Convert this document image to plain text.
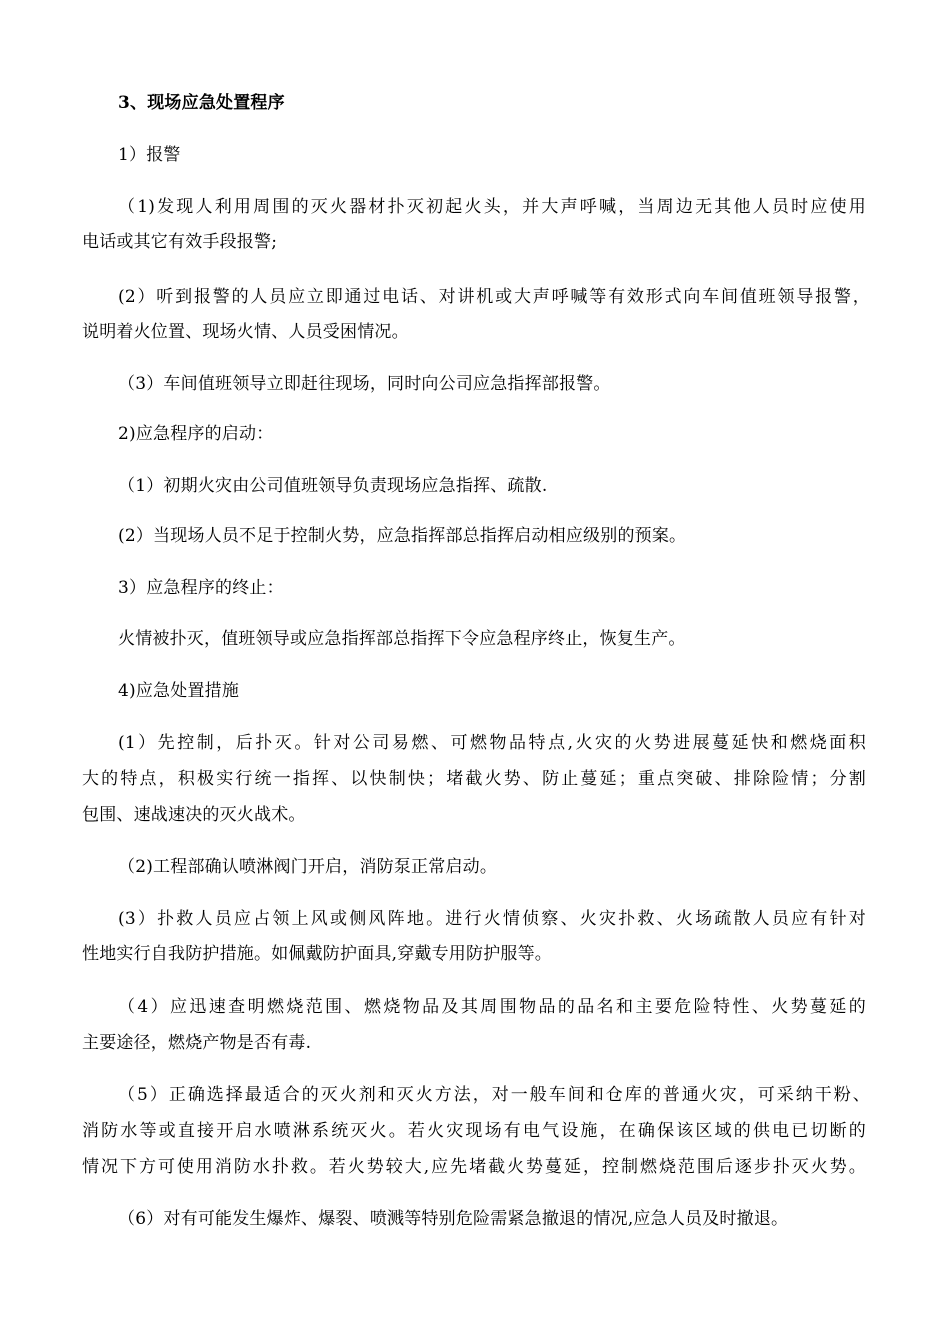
3、现场应急处置程序
1）报警
（1)发现人利用周围的灭火器材扑灭初起火头，并大声呼喊，当周边无其他人员时应使用
电话或其它有效手段报警;
(2）听到报警的人员应立即通过电话、对讲机或大声呼喊等有效形式向车间值班领导报警，
说明着火位置、现场火情、人员受困情况。
（3）车间值班领导立即赶往现场，同时向公司应急指挥部报警。
2)应急程序的启动：
（1）初期火灾由公司值班领导负责现场应急指挥、疏散.
(2）当现场人员不足于控制火势，应急指挥部总指挥启动相应级别的预案。
3）应急程序的终止：
火情被扑灭，值班领导或应急指挥部总指挥下令应急程序终止，恢复生产。
4)应急处置措施
(1）先控制，后扑灭。针对公司易燃、可燃物品特点,火灾的火势进展蔓延快和燃烧面积
大的特点，积极实行统一指挥、以快制快；堵截火势、防止蔓延；重点突破、排除险情；分割
包围、速战速决的灭火战术。
（2)工程部确认喷淋阀门开启，消防泵正常启动。
(3）扑救人员应占领上风或侧风阵地。进行火情侦察、火灾扑救、火场疏散人员应有针对
性地实行自我防护措施。如佩戴防护面具,穿戴专用防护服等。
（4）应迅速查明燃烧范围、燃烧物品及其周围物品的品名和主要危险特性、火势蔓延的
主要途径，燃烧产物是否有毒.
（5）正确选择最适合的灭火剂和灭火方法，对一般车间和仓库的普通火灾，可采纳干粉、
消防水等或直接开启水喷淋系统灭火。若火灾现场有电气设施，在确保该区域的供电已切断的
情况下方可使用消防水扑救。若火势较大,应先堵截火势蔓延，控制燃烧范围后逐步扑灭火势。
（6）对有可能发生爆炸、爆裂、喷溅等特别危险需紧急撤退的情况,应急人员及时撤退。
